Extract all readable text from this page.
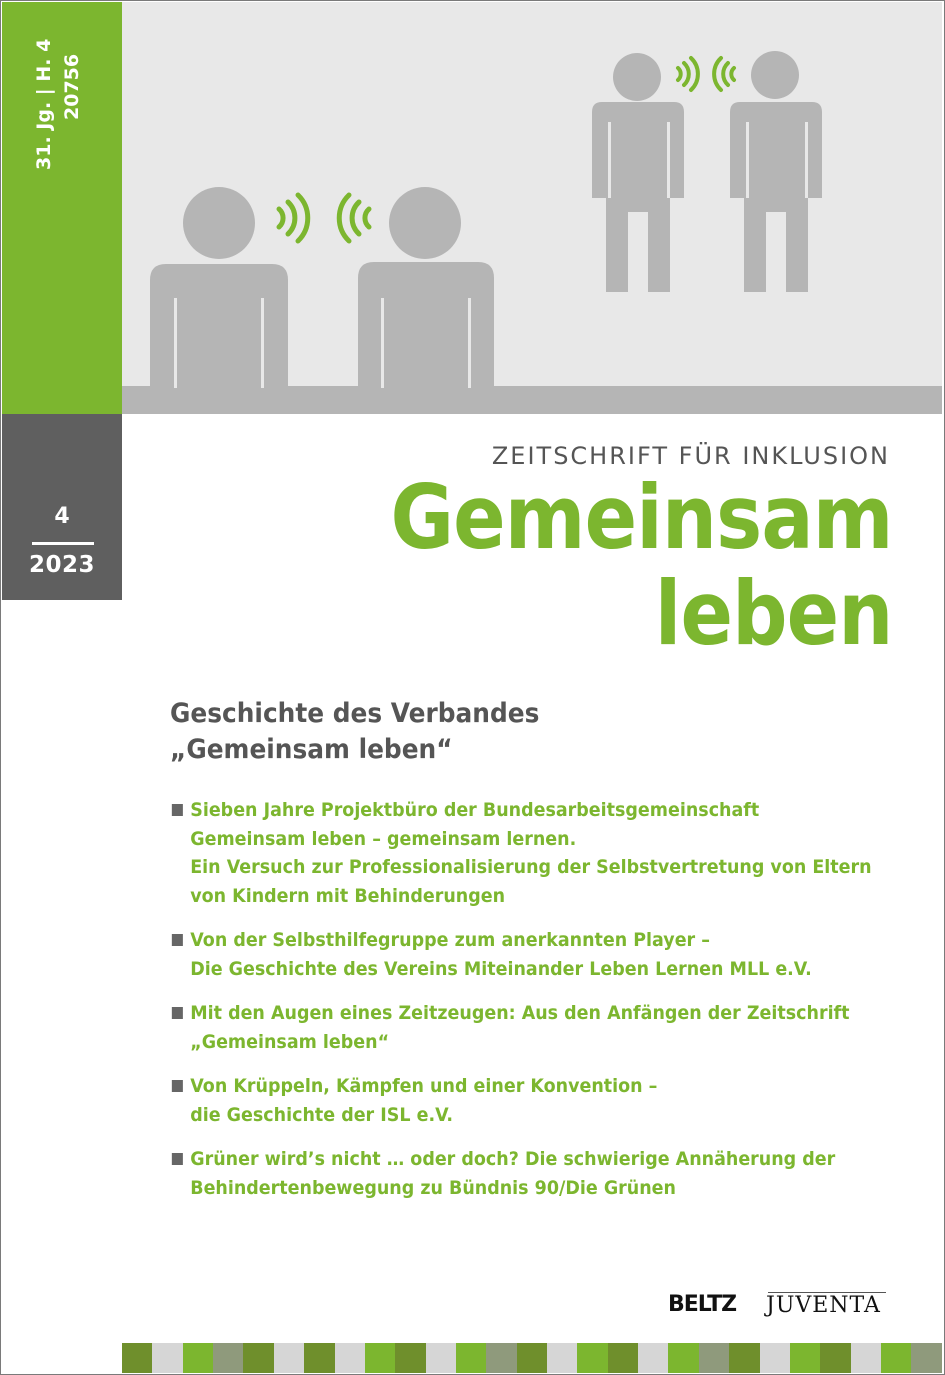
31. Jg. | H. 4 20756
4
2023
ZEITSCHRIFT FÜR INKLUSION
Gemeinsam
leben
Geschichte des Verbandes
„Gemeinsam leben“
Sieben Jahre Projektbüro der Bundesarbeitsgemeinschaft
Gemeinsam leben – gemeinsam lernen.
Ein Versuch zur Professionalisierung der Selbstvertretung von Eltern
von Kindern mit Behinderungen
Von der Selbsthilfegruppe zum anerkannten Player –
Die Geschichte des Vereins Miteinander Leben Lernen MLL e.V.
Mit den Augen eines Zeitzeugen: Aus den Anfängen der Zeitschrift
„Gemeinsam leben“
Von Krüppeln, Kämpfen und einer Konvention –
die Geschichte der ISL e.V.
Grüner wird’s nicht … oder doch? Die schwierige Annäherung der
Behindertenbewegung zu Bündnis 90/Die Grünen
BELTZ JUVENTA
